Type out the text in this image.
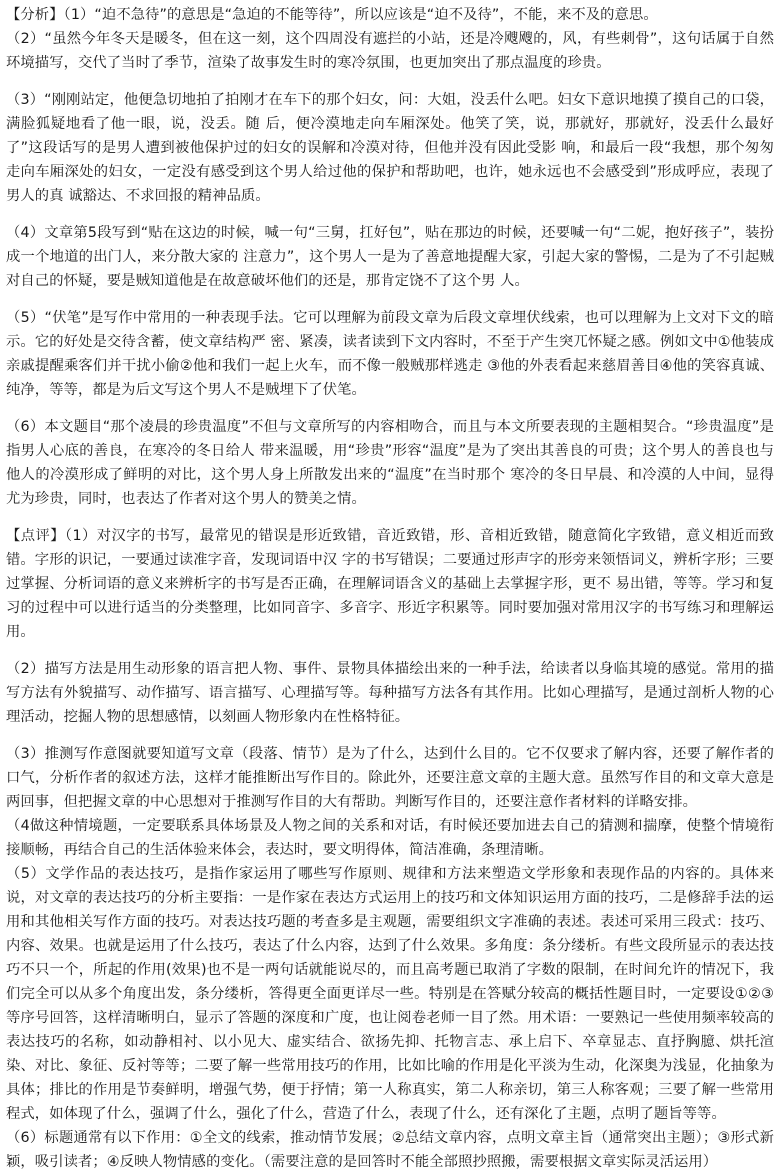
【分析】（1）“迫不急待”的意思是“急迫的不能等待”，所以应该是“迫不及待”，不能，来不及的意思。

（2）“虽然今年冬天是暖冬，但在这一刻，这个四周没有遮拦的小站，还是冷飕飕的，风，有些刺骨”，这句话属于自然环境描写，交代了当时了季节，渲染了故事发生时的寒冷氛围，也更加突出了那点温度的珍贵。

（3）“刚刚站定，他便急切地拍了拍刚才在车下的那个妇女，问：大姐，没丢什么吧。妇女下意识地摸了摸自己的口袋，满脸狐疑地看了他一眼，说，没丢。随 后，便冷漠地走向车厢深处。他笑了笑，说，那就好，那就好，没丢什么最好了”这段话写的是男人遭到被他保护过的妇女的误解和冷漠对待，但他并没有因此受影 响，和最后一段“我想，那个匆匆走向车厢深处的妇女，一定没有感受到这个男人给过他的保护和帮助吧，也许，她永远也不会感受到”形成呼应，表现了男人的真 诚豁达、不求回报的精神品质。

（4）文章第5段写到“贴在这边的时候，喊一句“三舅，扛好包”，贴在那边的时候，还要喊一句“二妮，抱好孩子”，装扮成一个地道的出门人，来分散大家的 注意力”，这个男人一是为了善意地提醒大家，引起大家的警惕，二是为了不引起贼对自己的怀疑，要是贼知道他是在故意破坏他们的还是，那肯定饶不了这个男 人。

（5）“伏笔”是写作中常用的一种表现手法。它可以理解为前段文章为后段文章埋伏线索，也可以理解为上文对下文的暗示。它的好处是交待含蓄，使文章结构严 密、紧凑，读者读到下文内容时，不至于产生突兀怀疑之感。例如文中①他装成亲戚提醒乘客们并干扰小偷②他和我们一起上火车，而不像一般贼那样逃走 ③他的外表看起来慈眉善目④他的笑容真诚、纯净，等等，都是为后文写这个男人不是贼埋下了伏笔。

（6）本文题目“那个凌晨的珍贵温度”不但与文章所写的内容相吻合，而且与本文所要表现的主题相契合。“珍贵温度”是指男人心底的善良，在寒冷的冬日给人 带来温暖，用“珍贵”形容“温度”是为了突出其善良的可贵；这个男人的善良也与他人的冷漠形成了鲜明的对比，这个男人身上所散发出来的“温度”在当时那个 寒冷的冬日早晨、和冷漠的人中间，显得尤为珍贵，同时，也表达了作者对这个男人的赞美之情。

【点评】（1）对汉字的书写，最常见的错误是形近致错，音近致错，形、音相近致错，随意简化字致错，意义相近而致错。字形的识记，一要通过读准字音，发现词语中汉 字的书写错误；二要通过形声字的形旁来领悟词义，辨析字形；三要过掌握、分析词语的意义来辨析字的书写是否正确，在理解词语含义的基础上去掌握字形，更不 易出错，等等。学习和复习的过程中可以进行适当的分类整理，比如同音字、多音字、形近字积累等。同时要加强对常用汉字的书写练习和理解运用。

（2）描写方法是用生动形象的语言把人物、事件、景物具体描绘出来的一种手法，给读者以身临其境的感觉。常用的描写方法有外貌描写、动作描写、语言描写、心理描写等。每种描写方法各有其作用。比如心理描写，是通过剖析人物的心理活动，挖掘人物的思想感情，以刻画人物形象内在性格特征。

（3）推测写作意图就要知道写文章（段落、情节）是为了什么，达到什么目的。它不仅要求了解内容，还要了解作者的口气，分析作者的叙述方法，这样才能推断出写作目的。除此外，还要注意文章的主题大意。虽然写作目的和文章大意是两回事，但把握文章的中心思想对于推测写作目的大有帮助。判断写作目的，还要注意作者材料的详略安排。

（4做这种情境题，一定要联系具体场景及人物之间的关系和对话，有时候还要加进去自己的猜测和揣摩，使整个情境衔接顺畅，再结合自己的生活体验来体会，表达时，要文明得体，简洁准确，条理清晰。

（5）文学作品的表达技巧，是指作家运用了哪些写作原则、规律和方法来塑造文学形象和表现作品的内容的。具体来说，对文章的表达技巧的分析主要指：一是作家在表达方式运用上的技巧和文体知识运用方面的技巧，二是修辞手法的运用和其他相关写作方面的技巧。对表达技巧题的考查多是主观题，需要组织文字准确的表述。表述可采用三段式：技巧、内容、效果。也就是运用了什么技巧，表达了什么内容，达到了什么效果。多角度：条分缕析。有些文段所显示的表达技巧不只一个，所起的作用(效果)也不是一两句话就能说尽的，而且高考题已取消了字数的限制，在时间允许的情况下，我们完全可以从多个角度出发，条分缕析，答得更全面更详尽一些。特别是在答赋分较高的概括性题目时，一定要设①②③等序号回答，这样清晰明白，显示了答题的深度和广度，也让阅卷老师一目了然。用术语：一要熟记一些使用频率较高的表达技巧的名称，如动静相衬、以小见大、虚实结合、欲扬先抑、托物言志、承上启下、卒章显志、直抒胸臆、烘托渲染、对比、象征、反衬等等；二要了解一些常用技巧的作用，比如比喻的作用是化平淡为生动，化深奥为浅显，化抽象为具体；排比的作用是节奏鲜明，增强气势，便于抒情；第一人称真实，第二人称亲切，第三人称客观；三要了解一些常用程式，如体现了什么，强调了什么，强化了什么，营造了什么，表现了什么，还有深化了主题，点明了题旨等等。

（6）标题通常有以下作用：①全文的线索，推动情节发展；②总结文章内容，点明文章主旨（通常突出主题）；③形式新颖，吸引读者；④反映人物情感的变化。（需要注意的是回答时不能全部照抄照搬，需要根据文章实际灵活运用）
